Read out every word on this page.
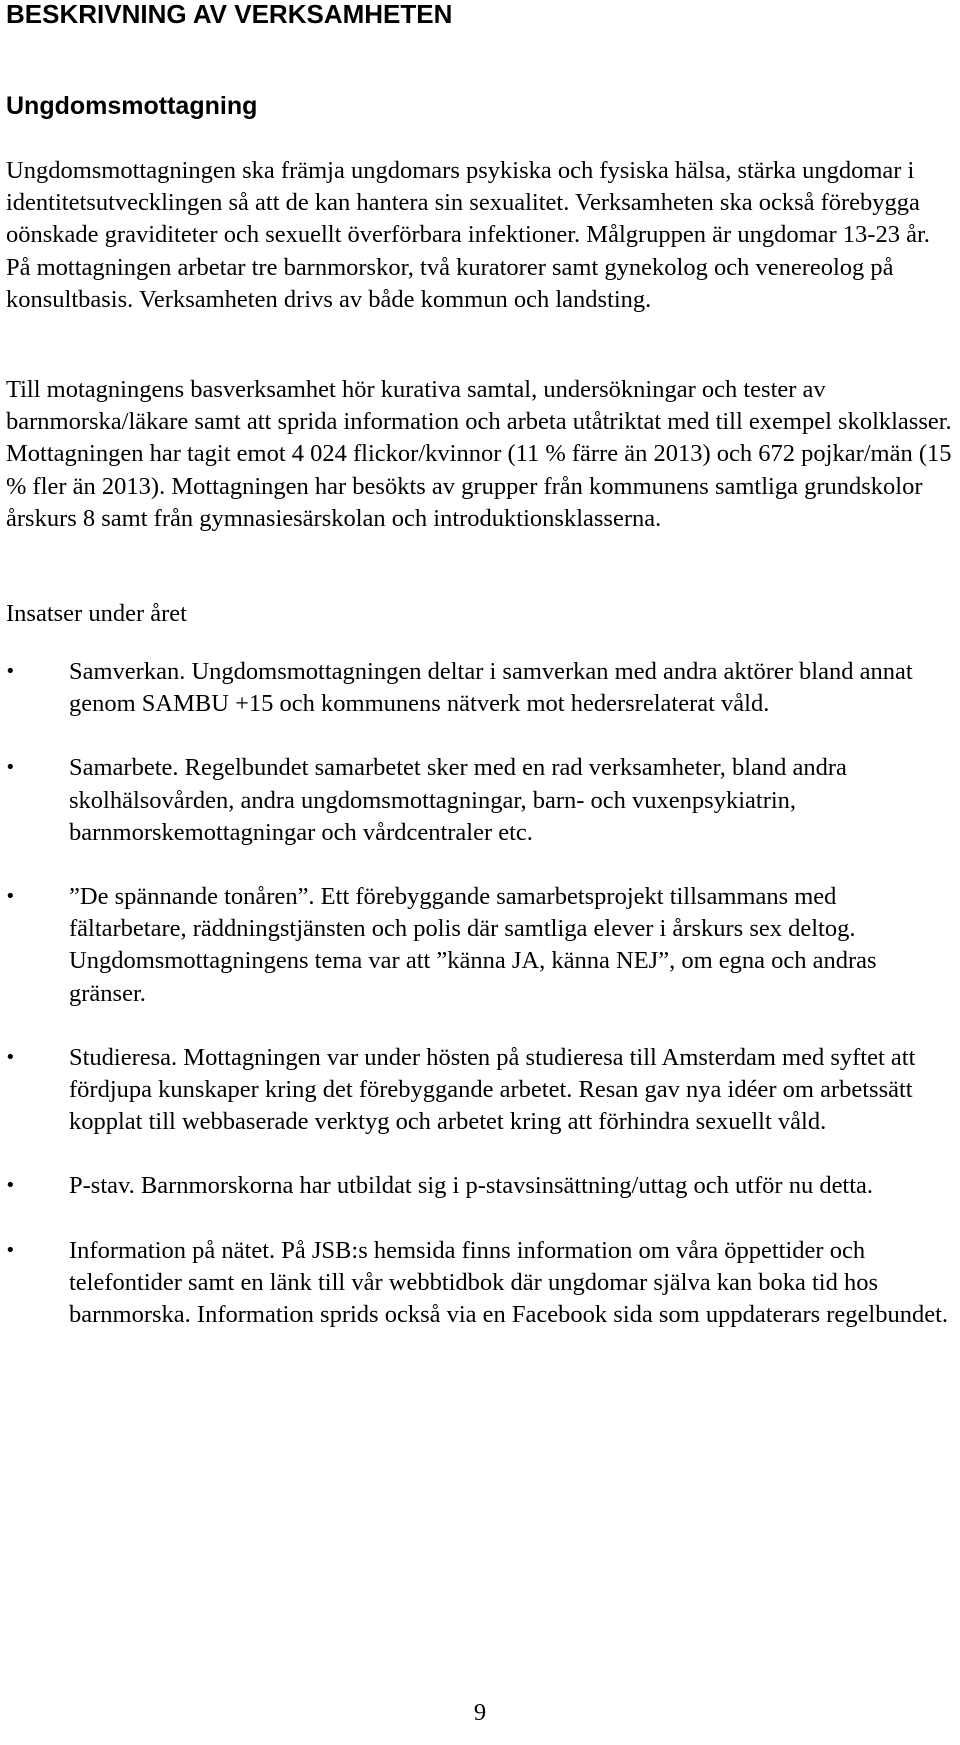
BESKRIVNING AV VERKSAMHETEN
Ungdomsmottagning

Ungdomsmottagningen ska främja ungdomars psykiska och fysiska hälsa, stärka ungdomar i identitetsutvecklingen så att de kan hantera sin sexualitet. Verksamheten ska också förebygga oönskade graviditeter och sexuellt överförbara infektioner. Målgruppen är ungdomar 13-23 år. På mottagningen arbetar tre barnmorskor, två kuratorer samt gynekolog och venereolog på konsultbasis. Verksamheten drivs av både kommun och landsting.

Till motagningens basverksamhet hör kurativa samtal, undersökningar och tester av barnmorska/läkare samt att sprida information och arbeta utåtriktat med till exempel skolklasser. Mottagningen har tagit emot 4 024 flickor/kvinnor (11 % färre än 2013) och 672 pojkar/män (15 % fler än 2013). Mottagningen har besökts av grupper från kommunens samtliga grundskolor årskurs 8 samt från gymnasiesärskolan och introduktionsklasserna.

Insatser under året

•	Samverkan. Ungdomsmottagningen deltar i samverkan med andra aktörer bland annat genom SAMBU +15 och kommunens nätverk mot hedersrelaterat våld.
•	Samarbete. Regelbundet samarbetet sker med en rad verksamheter, bland andra skolhälsovården, andra ungdomsmottagningar, barn- och vuxenpsykiatrin, barnmorskemottagningar och vårdcentraler etc.
•	”De spännande tonåren”. Ett förebyggande samarbetsprojekt tillsammans med fältarbetare, räddningstjänsten och polis där samtliga elever i årskurs sex deltog. Ungdomsmottagningens tema var att ”känna JA, känna NEJ”, om egna och andras gränser.
•	Studieresa. Mottagningen var under hösten på studieresa till Amsterdam med syftet att fördjupa kunskaper kring det förebyggande arbetet. Resan gav nya idéer om arbetssätt kopplat till webbaserade verktyg och arbetet kring att förhindra sexuellt våld.
•	P-stav. Barnmorskorna har utbildat sig i p-stavsinsättning/uttag och utför nu detta.
•	Information på nätet. På JSB:s hemsida finns information om våra öppettider och telefontider samt en länk till vår webbtidbok där ungdomar själva kan boka tid hos barnmorska. Information sprids också via en Facebook sida som uppdaterars regelbundet.

9
